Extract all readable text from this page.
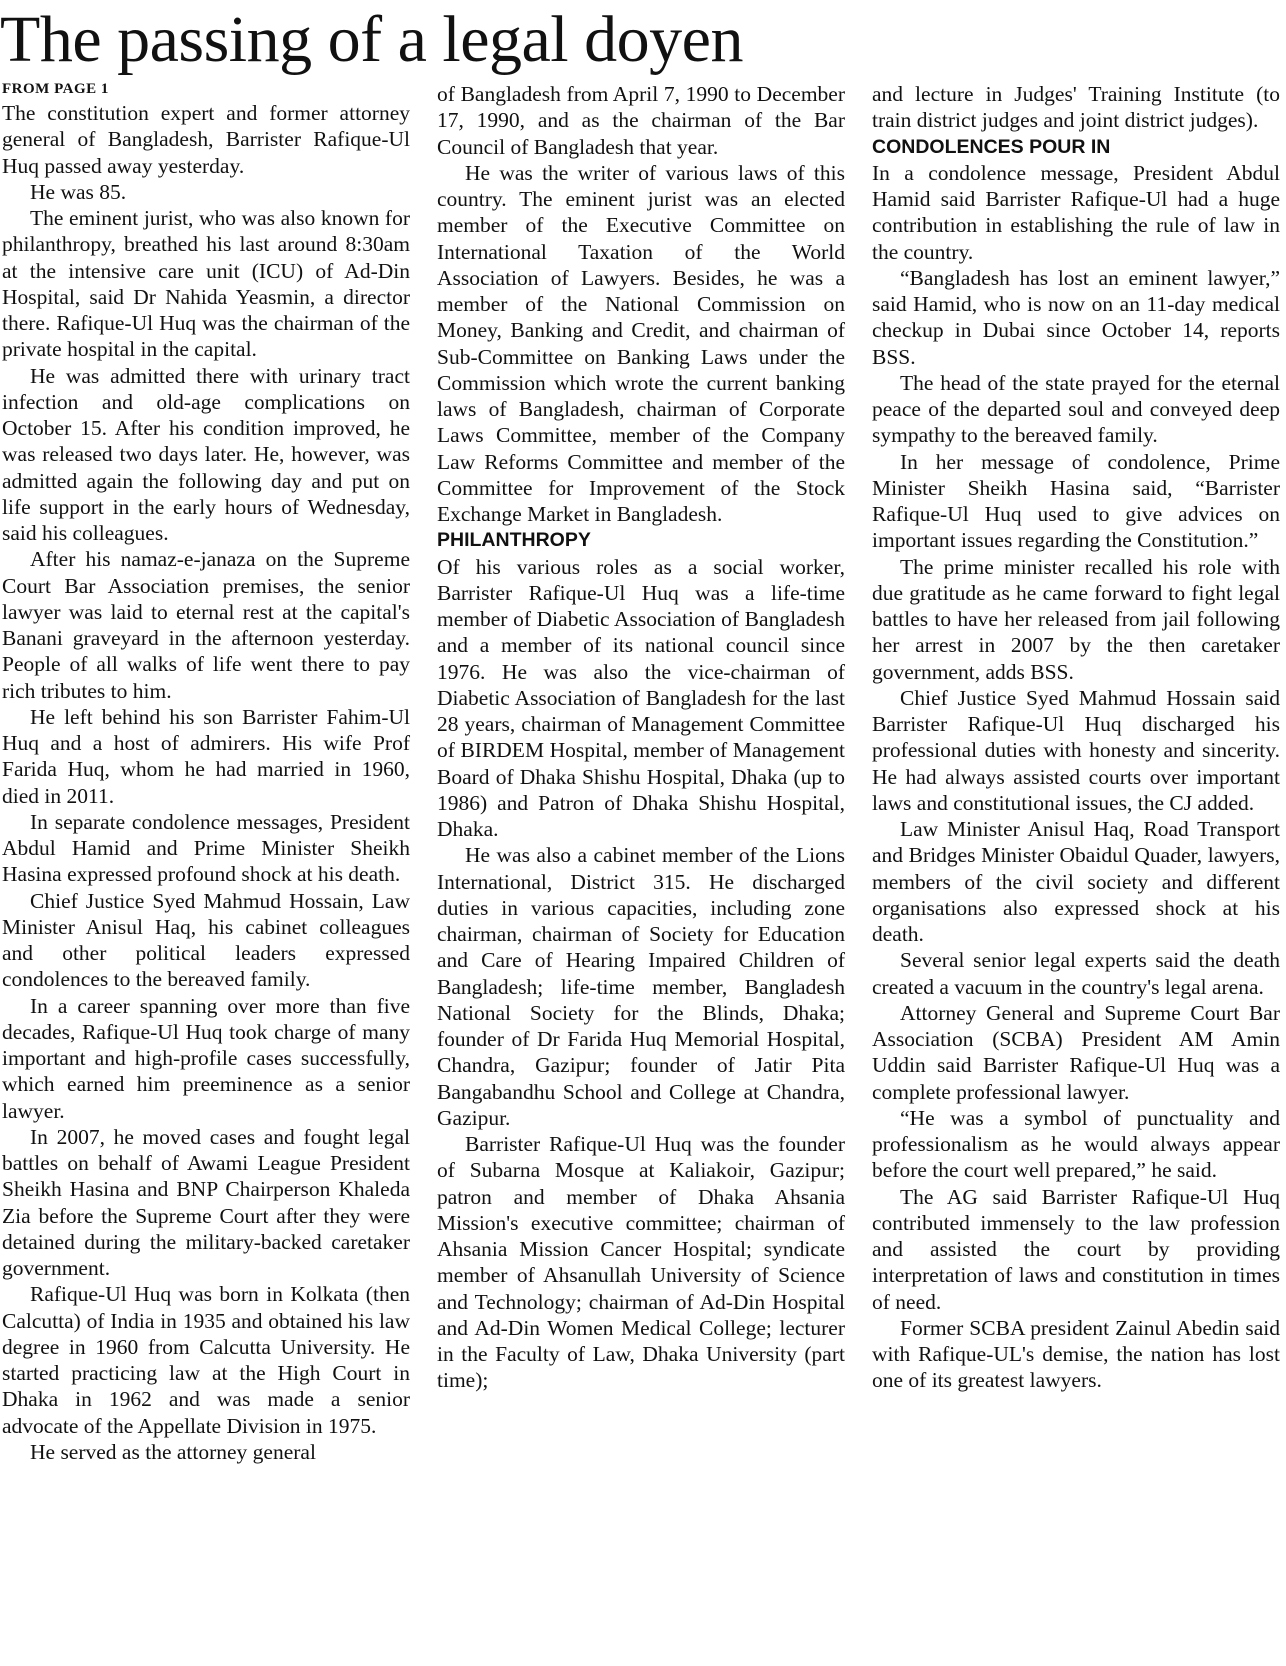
The passing of a legal doyen
FROM PAGE 1

The constitution expert and former attorney general of Bangladesh, Barrister Rafique-Ul Huq passed away yesterday.

He was 85.

The eminent jurist, who was also known for philanthropy, breathed his last around 8:30am at the intensive care unit (ICU) of Ad-Din Hospital, said Dr Nahida Yeasmin, a director there. Rafique-Ul Huq was the chairman of the private hospital in the capital.

He was admitted there with urinary tract infection and old-age complications on October 15. After his condition improved, he was released two days later. He, however, was admitted again the following day and put on life support in the early hours of Wednesday, said his colleagues.

After his namaz-e-janaza on the Supreme Court Bar Association premises, the senior lawyer was laid to eternal rest at the capital's Banani graveyard in the afternoon yesterday. People of all walks of life went there to pay rich tributes to him.

He left behind his son Barrister Fahim-Ul Huq and a host of admirers. His wife Prof Farida Huq, whom he had married in 1960, died in 2011.

In separate condolence messages, President Abdul Hamid and Prime Minister Sheikh Hasina expressed profound shock at his death.

Chief Justice Syed Mahmud Hossain, Law Minister Anisul Haq, his cabinet colleagues and other political leaders expressed condolences to the bereaved family.

In a career spanning over more than five decades, Rafique-Ul Huq took charge of many important and high-profile cases successfully, which earned him preeminence as a senior lawyer.

In 2007, he moved cases and fought legal battles on behalf of Awami League President Sheikh Hasina and BNP Chairperson Khaleda Zia before the Supreme Court after they were detained during the military-backed caretaker government.

Rafique-Ul Huq was born in Kolkata (then Calcutta) of India in 1935 and obtained his law degree in 1960 from Calcutta University. He started practicing law at the High Court in Dhaka in 1962 and was made a senior advocate of the Appellate Division in 1975.

He served as the attorney general

of Bangladesh from April 7, 1990 to December 17, 1990, and as the chairman of the Bar Council of Bangladesh that year.

He was the writer of various laws of this country. The eminent jurist was an elected member of the Executive Committee on International Taxation of the World Association of Lawyers. Besides, he was a member of the National Commission on Money, Banking and Credit, and chairman of Sub-Committee on Banking Laws under the Commission which wrote the current banking laws of Bangladesh, chairman of Corporate Laws Committee, member of the Company Law Reforms Committee and member of the Committee for Improvement of the Stock Exchange Market in Bangladesh.

PHILANTHROPY

Of his various roles as a social worker, Barrister Rafique-Ul Huq was a life-time member of Diabetic Association of Bangladesh and a member of its national council since 1976. He was also the vice-chairman of Diabetic Association of Bangladesh for the last 28 years, chairman of Management Committee of BIRDEM Hospital, member of Management Board of Dhaka Shishu Hospital, Dhaka (up to 1986) and Patron of Dhaka Shishu Hospital, Dhaka.

He was also a cabinet member of the Lions International, District 315. He discharged duties in various capacities, including zone chairman, chairman of Society for Education and Care of Hearing Impaired Children of Bangladesh; life-time member, Bangladesh National Society for the Blinds, Dhaka; founder of Dr Farida Huq Memorial Hospital, Chandra, Gazipur; founder of Jatir Pita Bangabandhu School and College at Chandra, Gazipur.

Barrister Rafique-Ul Huq was the founder of Subarna Mosque at Kaliakoir, Gazipur; patron and member of Dhaka Ahsania Mission's executive committee; chairman of Ahsania Mission Cancer Hospital; syndicate member of Ahsanullah University of Science and Technology; chairman of Ad-Din Hospital and Ad-Din Women Medical College; lecturer in the Faculty of Law, Dhaka University (part time);

and lecture in Judges' Training Institute (to train district judges and joint district judges).

CONDOLENCES POUR IN

In a condolence message, President Abdul Hamid said Barrister Rafique-Ul had a huge contribution in establishing the rule of law in the country.

“Bangladesh has lost an eminent lawyer,” said Hamid, who is now on an 11-day medical checkup in Dubai since October 14, reports BSS.

The head of the state prayed for the eternal peace of the departed soul and conveyed deep sympathy to the bereaved family.

In her message of condolence, Prime Minister Sheikh Hasina said, “Barrister Rafique-Ul Huq used to give advices on important issues regarding the Constitution.”

The prime minister recalled his role with due gratitude as he came forward to fight legal battles to have her released from jail following her arrest in 2007 by the then caretaker government, adds BSS.

Chief Justice Syed Mahmud Hossain said Barrister Rafique-Ul Huq discharged his professional duties with honesty and sincerity. He had always assisted courts over important laws and constitutional issues, the CJ added.

Law Minister Anisul Haq, Road Transport and Bridges Minister Obaidul Quader, lawyers, members of the civil society and different organisations also expressed shock at his death.

Several senior legal experts said the death created a vacuum in the country's legal arena.

Attorney General and Supreme Court Bar Association (SCBA) President AM Amin Uddin said Barrister Rafique-Ul Huq was a complete professional lawyer.

“He was a symbol of punctuality and professionalism as he would always appear before the court well prepared,” he said.

The AG said Barrister Rafique-Ul Huq contributed immensely to the law profession and assisted the court by providing interpretation of laws and constitution in times of need.

Former SCBA president Zainul Abedin said with Rafique-UL's demise, the nation has lost one of its greatest lawyers.
